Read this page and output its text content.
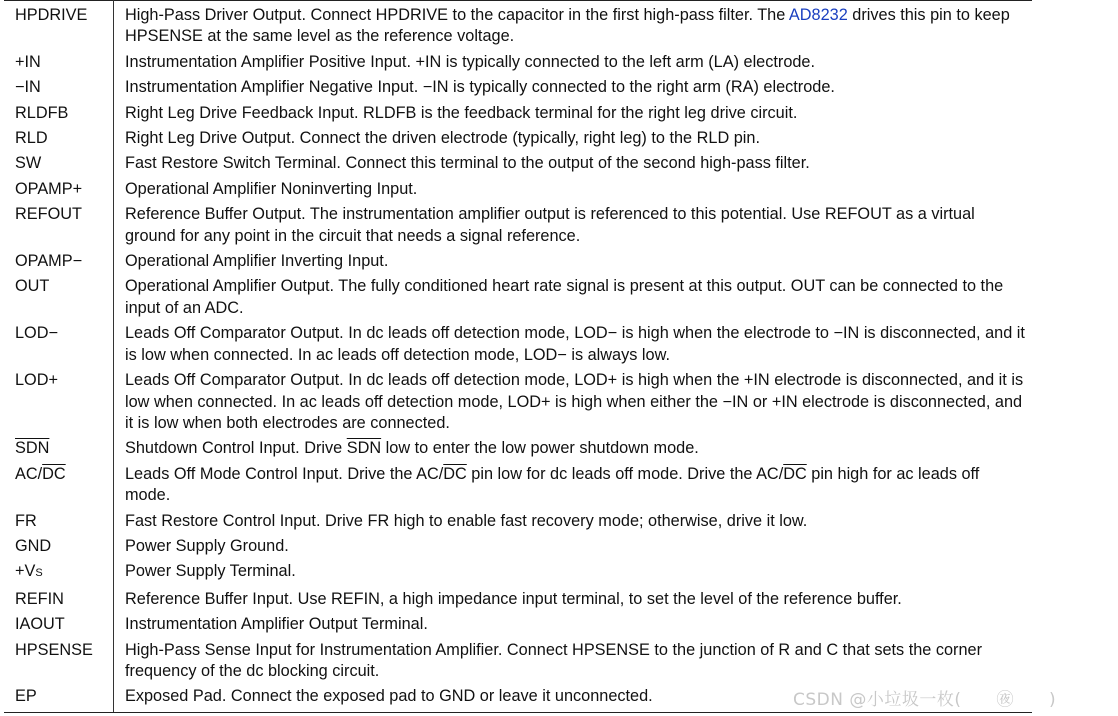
HPDRIVE	High-Pass Driver Output. Connect HPDRIVE to the capacitor in the first high-pass filter. The AD8232 drives this pin to keep HPSENSE at the same level as the reference voltage.
+IN	Instrumentation Amplifier Positive Input. +IN is typically connected to the left arm (LA) electrode.
−IN	Instrumentation Amplifier Negative Input. −IN is typically connected to the right arm (RA) electrode.
RLDFB	Right Leg Drive Feedback Input. RLDFB is the feedback terminal for the right leg drive circuit.
RLD	Right Leg Drive Output. Connect the driven electrode (typically, right leg) to the RLD pin.
SW	Fast Restore Switch Terminal. Connect this terminal to the output of the second high-pass filter.
OPAMP+	Operational Amplifier Noninverting Input.
REFOUT	Reference Buffer Output. The instrumentation amplifier output is referenced to this potential. Use REFOUT as a virtual ground for any point in the circuit that needs a signal reference.
OPAMP−	Operational Amplifier Inverting Input.
OUT	Operational Amplifier Output. The fully conditioned heart rate signal is present at this output. OUT can be connected to the input of an ADC.
LOD−	Leads Off Comparator Output. In dc leads off detection mode, LOD− is high when the electrode to −IN is disconnected, and it is low when connected. In ac leads off detection mode, LOD− is always low.
LOD+	Leads Off Comparator Output. In dc leads off detection mode, LOD+ is high when the +IN electrode is disconnected, and it is low when connected. In ac leads off detection mode, LOD+ is high when either the −IN or +IN electrode is disconnected, and it is low when both electrodes are connected.
$\overline{SDN}$	Shutdown Control Input. Drive $\overline{SDN}$ low to enter the low power shutdown mode.
$AC/\overline{DC}$	Leads Off Mode Control Input. Drive the $AC/\overline{DC}$ pin low for dc leads off mode. Drive the $AC/\overline{DC}$ pin high for ac leads off mode.
FR	Fast Restore Control Input. Drive FR high to enable fast recovery mode; otherwise, drive it low.
GND	Power Supply Ground.
+VS	Power Supply Terminal.
REFIN	Reference Buffer Input. Use REFIN, a high impedance input terminal, to set the level of the reference buffer.
IAOUT	Instrumentation Amplifier Output Terminal.
HPSENSE	High-Pass Sense Input for Instrumentation Amplifier. Connect HPSENSE to the junction of R and C that sets the corner frequency of the dc blocking circuit.
EP	Exposed Pad. Connect the exposed pad to GND or leave it unconnected.	CSDN @小垃圾一枚(　　㊰　　)
